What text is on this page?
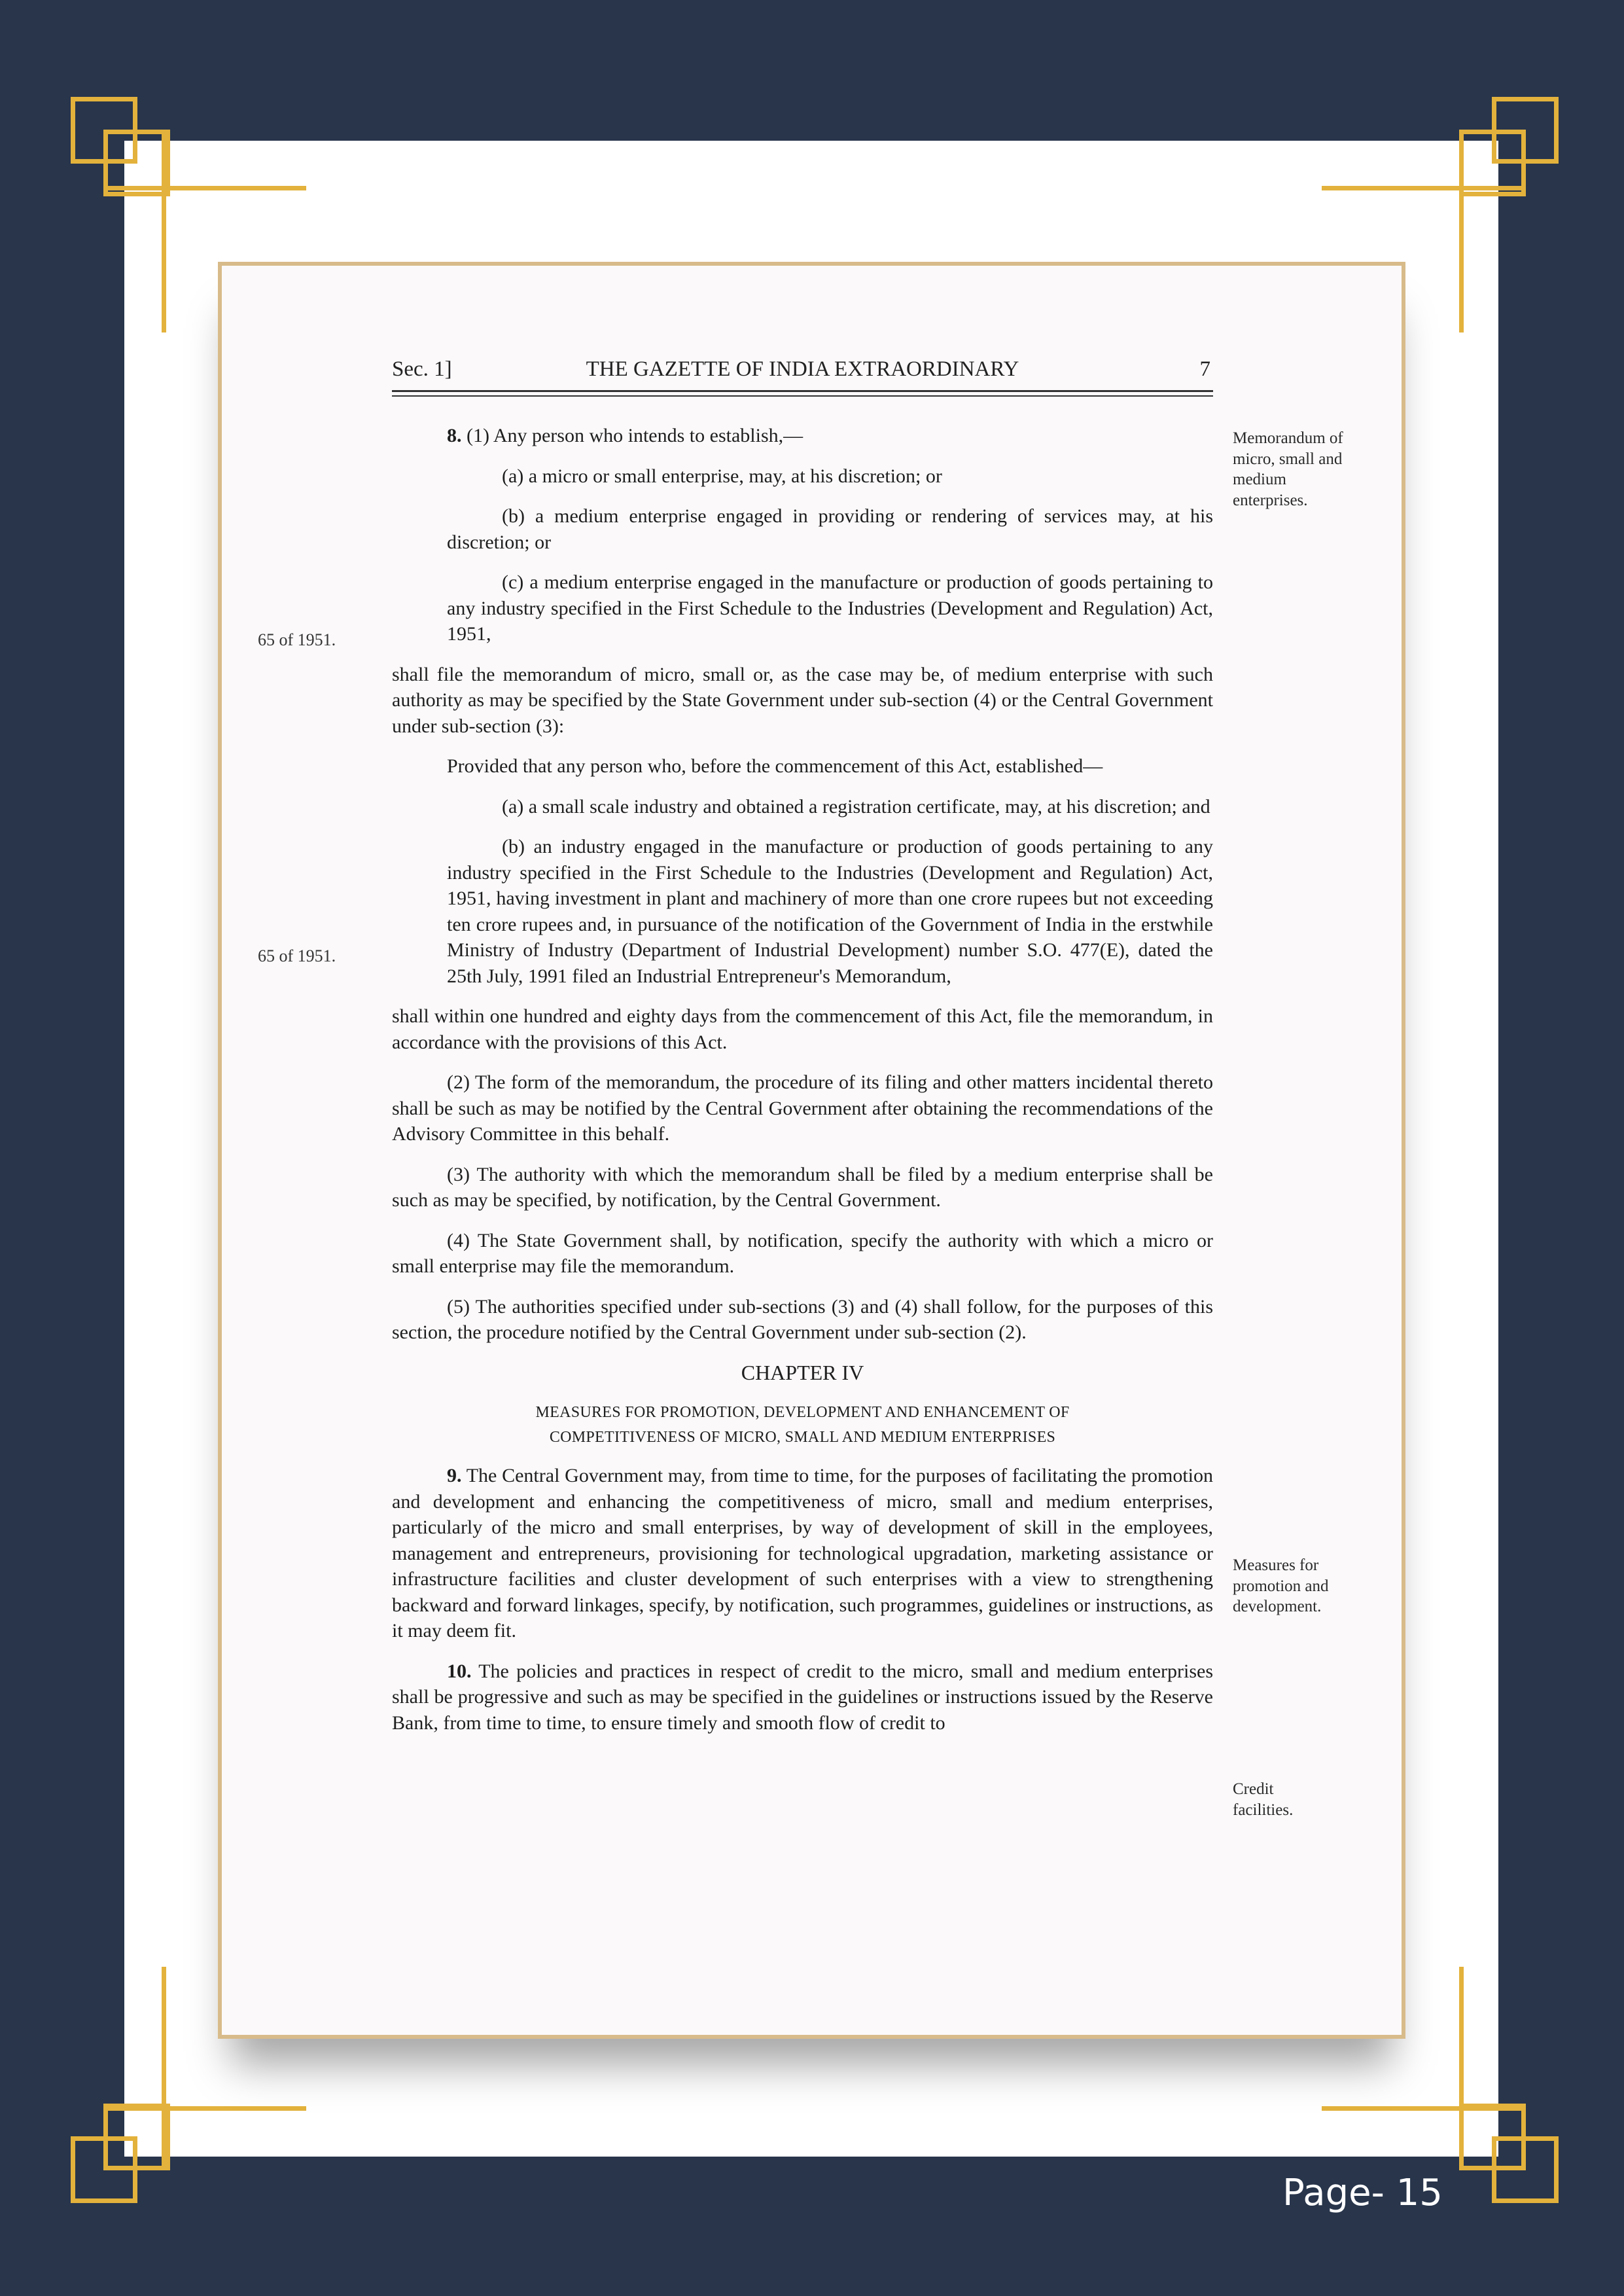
Sec. 1]	THE GAZETTE OF INDIA EXTRAORDINARY	7

8. (1) Any person who intends to establish,—

(a) a micro or small enterprise, may, at his discretion; or

(b) a medium enterprise engaged in providing or rendering of services may, at his discretion; or

(c) a medium enterprise engaged in the manufacture or production of goods pertaining to any industry specified in the First Schedule to the Industries (Development and Regulation) Act, 1951,

shall file the memorandum of micro, small or, as the case may be, of medium enterprise with such authority as may be specified by the State Government under sub-section (4) or the Central Government under sub-section (3):

Provided that any person who, before the commencement of this Act, established—

(a) a small scale industry and obtained a registration certificate, may, at his discretion; and

(b) an industry engaged in the manufacture or production of goods pertaining to any industry specified in the First Schedule to the Industries (Development and Regulation) Act, 1951, having investment in plant and machinery of more than one crore rupees but not exceeding ten crore rupees and, in pursuance of the notification of the Government of India in the erstwhile Ministry of Industry (Department of Industrial Development) number S.O. 477(E), dated the 25th July, 1991 filed an Industrial Entrepreneur's Memorandum,

shall within one hundred and eighty days from the commencement of this Act, file the memorandum, in accordance with the provisions of this Act.

(2) The form of the memorandum, the procedure of its filing and other matters incidental thereto shall be such as may be notified by the Central Government after obtaining the recommendations of the Advisory Committee in this behalf.

(3) The authority with which the memorandum shall be filed by a medium enterprise shall be such as may be specified, by notification, by the Central Government.

(4) The State Government shall, by notification, specify the authority with which a micro or small enterprise may file the memorandum.

(5) The authorities specified under sub-sections (3) and (4) shall follow, for the purposes of this section, the procedure notified by the Central Government under sub-section (2).

CHAPTER IV

MEASURES FOR PROMOTION, DEVELOPMENT AND ENHANCEMENT OF
COMPETITIVENESS OF MICRO, SMALL AND MEDIUM ENTERPRISES

9. The Central Government may, from time to time, for the purposes of facilitating the promotion and development and enhancing the competitiveness of micro, small and medium enterprises, particularly of the micro and small enterprises, by way of development of skill in the employees, management and entrepreneurs, provisioning for technological upgradation, marketing assistance or infrastructure facilities and cluster development of such enterprises with a view to strengthening backward and forward linkages, specify, by notification, such programmes, guidelines or instructions, as it may deem fit.

10. The policies and practices in respect of credit to the micro, small and medium enterprises shall be progressive and such as may be specified in the guidelines or instructions issued by the Reserve Bank, from time to time, to ensure timely and smooth flow of credit to

Memorandum of micro, small and medium enterprises.
Measures for promotion and development.
Credit facilities.
65 of 1951.
65 of 1951.
Page- 15
